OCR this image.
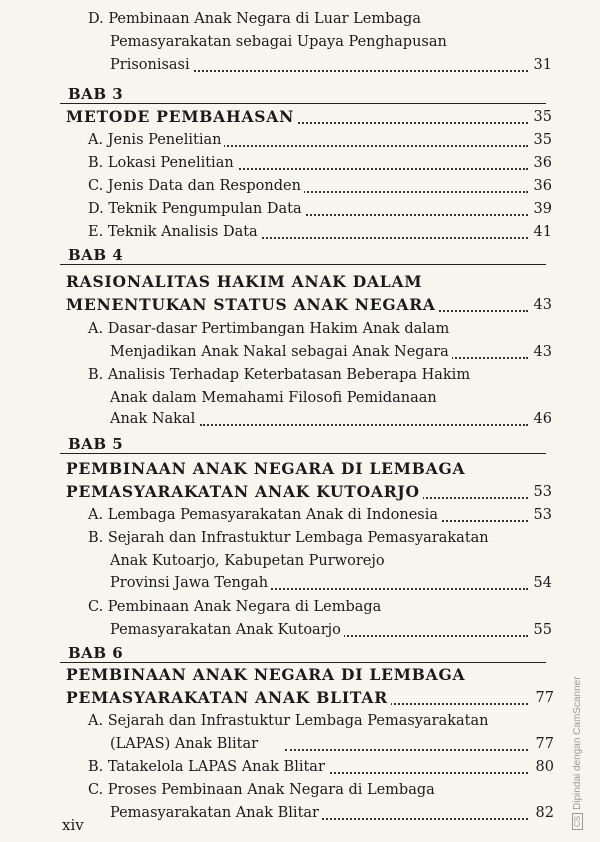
D. Pembinaan Anak Negara di Luar Lembaga
Pemasyarakatan sebagai Upaya Penghapusan
Prisonisasi	31
BAB 3
METODE PEMBAHASAN	35
A. Jenis Penelitian	35
B. Lokasi Penelitian	36
C. Jenis Data dan Responden	36
D. Teknik Pengumpulan Data	39
E. Teknik Analisis Data	41
BAB 4
RASIONALITAS HAKIM ANAK DALAM
MENENTUKAN STATUS ANAK NEGARA	43
A. Dasar-dasar Pertimbangan Hakim Anak dalam
Menjadikan Anak Nakal sebagai Anak Negara	43
B. Analisis Terhadap Keterbatasan Beberapa Hakim
Anak dalam Memahami Filosofi Pemidanaan
Anak Nakal	46
BAB 5
PEMBINAAN ANAK NEGARA DI LEMBAGA
PEMASYARAKATAN ANAK KUTOARJO	53
A. Lembaga Pemasyarakatan Anak di Indonesia	53
B. Sejarah dan Infrastuktur Lembaga Pemasyarakatan
Anak Kutoarjo, Kabupetan Purworejo
Provinsi Jawa Tengah	54
C. Pembinaan Anak Negara di Lembaga
Pemasyarakatan Anak Kutoarjo	55
BAB 6
PEMBINAAN ANAK NEGARA DI LEMBAGA
PEMASYARAKATAN ANAK BLITAR	77
A. Sejarah dan Infrastuktur Lembaga Pemasyarakatan
(LAPAS) Anak Blitar	77
B. Tatakelola LAPAS Anak Blitar	80
C. Proses Pembinaan Anak Negara di Lembaga
Pemasyarakatan Anak Blitar	82
xiv	CSDipindai dengan CamScanner
